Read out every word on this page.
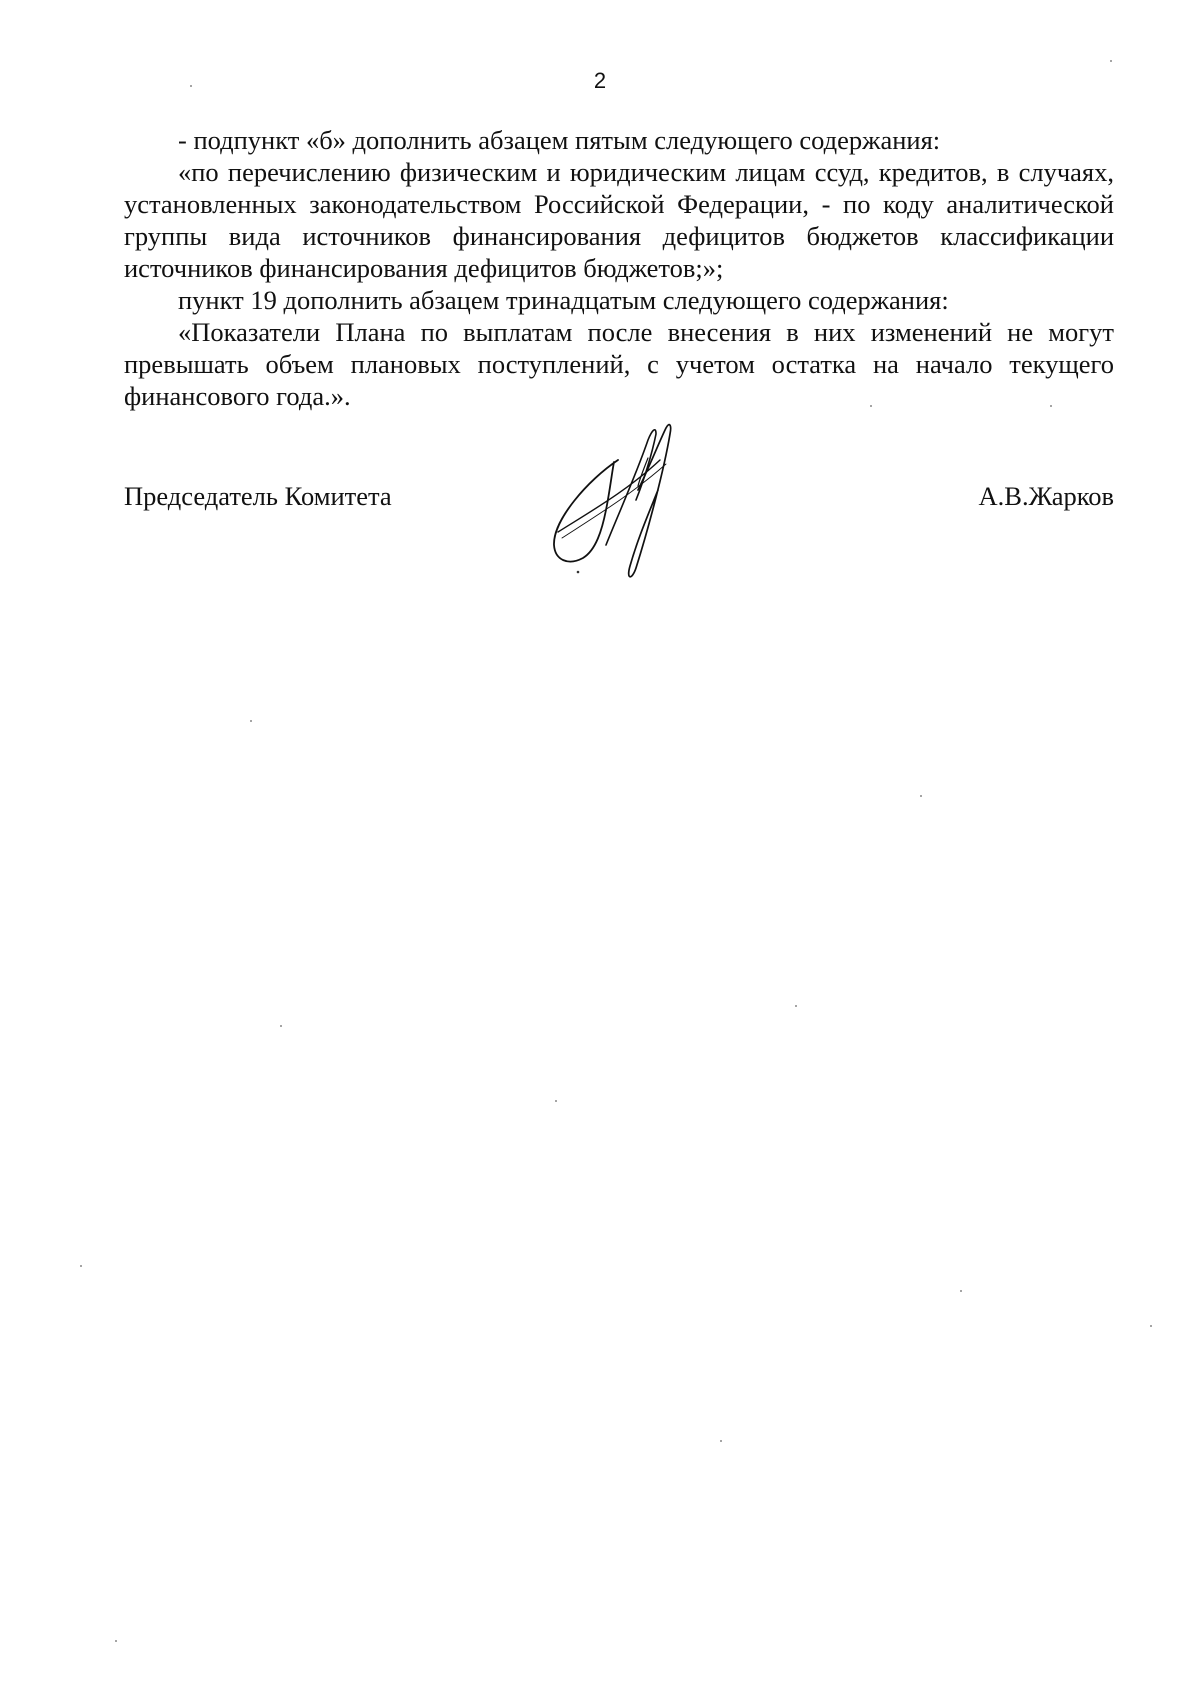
2

- подпункт «б» дополнить абзацем пятым следующего содержания:

«по перечислению физическим и юридическим лицам ссуд, кредитов, в случаях, установленных законодательством Российской Федерации, - по коду аналитической группы вида источников финансирования дефицитов бюджетов классификации источников финансирования дефицитов бюджетов;»;

пункт 19 дополнить абзацем тринадцатым следующего содержания:

«Показатели Плана по выплатам после внесения в них изменений не могут превышать объем плановых поступлений, с учетом остатка на начало текущего финансового года.».

Председатель Комитета	А.В.Жарков
